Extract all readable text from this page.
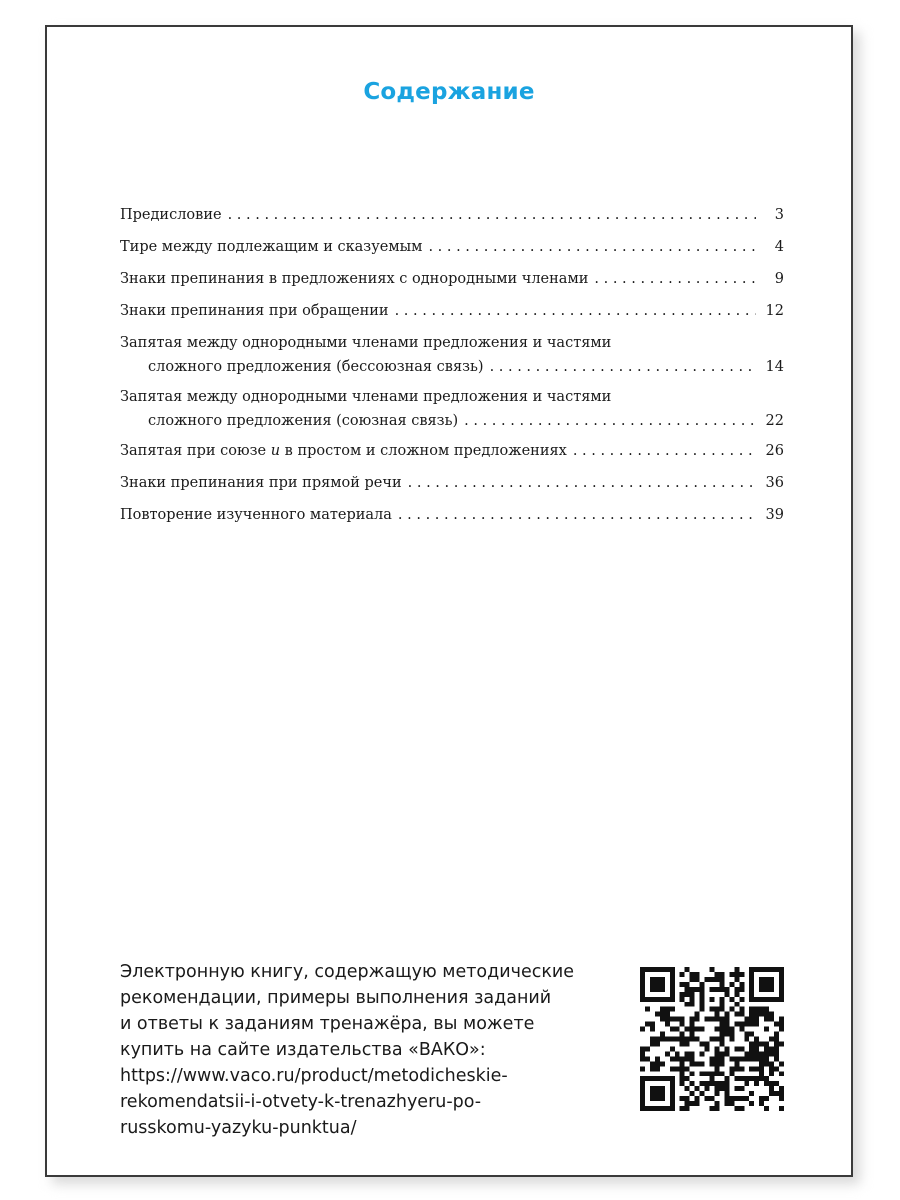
Содержание
Предисловие . . .	3
Тире между подлежащим и сказуемым . . .	4
Знаки препинания в предложениях с однородными членами . . .	9
Знаки препинания при обращении . . .	12
Запятая между однородными членами предложения и частями
сложного предложения (бессоюзная связь) . . .	14
Запятая между однородными членами предложения и частями
сложного предложения (союзная связь) . . .	22
Запятая при союзе и в простом и сложном предложениях . . .	26
Знаки препинания при прямой речи . . .	36
Повторение изученного материала . . .	39
Электронную книгу, содержащую методические
рекомендации, примеры выполнения заданий
и ответы к заданиям тренажёра, вы можете
купить на сайте издательства «ВАКО»:
https://www.vaco.ru/product/metodicheskie-
rekomendatsii-i-otvety-k-trenazhyeru-po-
russkomu-yazyku-punktua/
